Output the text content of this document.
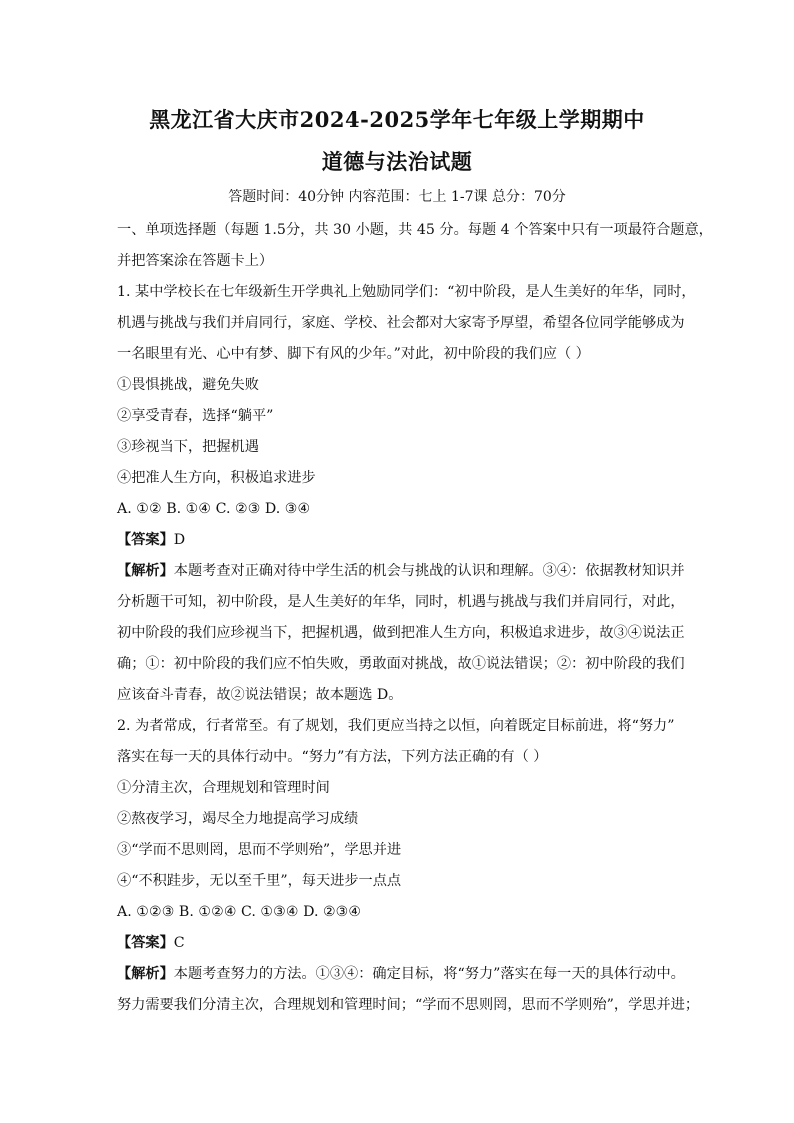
黑龙江省大庆市2024-2025学年七年级上学期期中
道德与法治试题
答题时间：40分钟 内容范围：七上 1-7课 总分：70分

一、单项选择题（每题 1.5分，共 30 小题，共 45 分。每题 4 个答案中只有一项最符合题意，

并把答案涂在答题卡上）

1. 某中学校长在七年级新生开学典礼上勉励同学们：“初中阶段，是人生美好的年华，同时，

机遇与挑战与我们并肩同行，家庭、学校、社会都对大家寄予厚望，希望各位同学能够成为

一名眼里有光、心中有梦、脚下有风的少年。”对此，初中阶段的我们应（ ）

①畏惧挑战，避免失败

②享受青春，选择“躺平”

③珍视当下，把握机遇

④把准人生方向，积极追求进步

A. ①② B. ①④ C. ②③ D. ③④

【答案】D

【解析】本题考查对正确对待中学生活的机会与挑战的认识和理解。③④：依据教材知识并

分析题干可知，初中阶段，是人生美好的年华，同时，机遇与挑战与我们并肩同行，对此，

初中阶段的我们应珍视当下，把握机遇，做到把准人生方向，积极追求进步，故③④说法正

确；①：初中阶段的我们应不怕失败，勇敢面对挑战，故①说法错误；②：初中阶段的我们

应该奋斗青春，故②说法错误；故本题选 D。

2. 为者常成，行者常至。有了规划，我们更应当持之以恒，向着既定目标前进，将“努力”

落实在每一天的具体行动中。“努力”有方法，下列方法正确的有（ ）

①分清主次，合理规划和管理时间

②熬夜学习，竭尽全力地提高学习成绩

③“学而不思则罔，思而不学则殆”，学思并进

④“不积跬步，无以至千里”，每天进步一点点

A. ①②③ B. ①②④ C. ①③④ D. ②③④

【答案】C

【解析】本题考查努力的方法。①③④：确定目标，将“努力”落实在每一天的具体行动中。

努力需要我们分清主次，合理规划和管理时间；“学而不思则罔，思而不学则殆”，学思并进；
